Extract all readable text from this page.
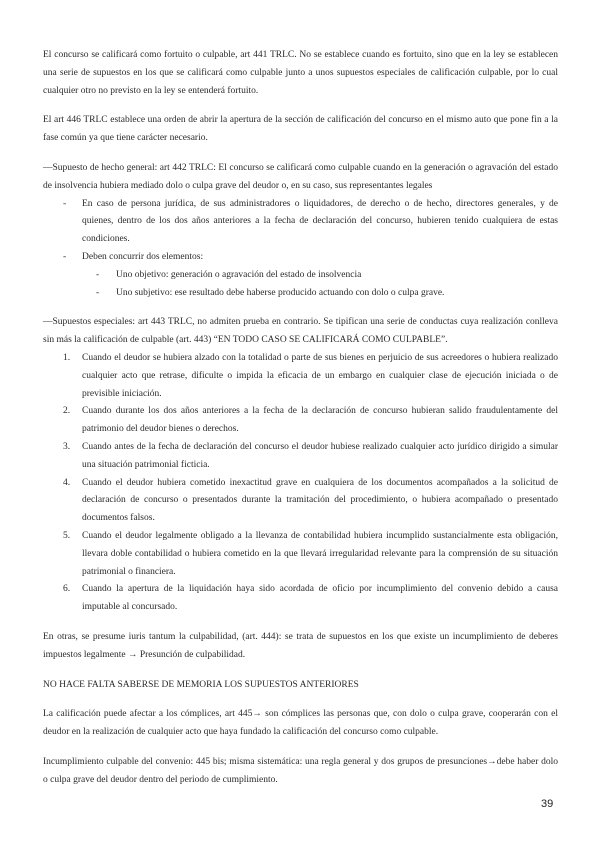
El concurso se calificará como fortuito o culpable, art 441 TRLC. No se establece cuando es fortuito, sino que en la ley se establecen una serie de supuestos en los que se calificará como culpable junto a unos supuestos especiales de calificación culpable, por lo cual cualquier otro no previsto en la ley se entenderá fortuito.

El art 446 TRLC establece una orden de abrir la apertura de la sección de calificación del concurso en el mismo auto que pone fin a la fase común ya que tiene carácter necesario.

—Supuesto de hecho general: art 442 TRLC: El concurso se calificará como culpable cuando en la generación o agravación del estado de insolvencia hubiera mediado dolo o culpa grave del deudor o, en su caso, sus representantes legales

- En caso de persona jurídica, de sus administradores o liquidadores, de derecho o de hecho, directores generales, y de quienes, dentro de los dos años anteriores a la fecha de declaración del concurso, hubieren tenido cualquiera de estas condiciones.
- Deben concurrir dos elementos:
- Uno objetivo: generación o agravación del estado de insolvencia
- Uno subjetivo: ese resultado debe haberse producido actuando con dolo o culpa grave.

—Supuestos especiales: art 443 TRLC, no admiten prueba en contrario. Se tipifican una serie de conductas cuya realización conlleva sin más la calificación de culpable (art. 443) “EN TODO CASO SE CALIFICARÁ COMO CULPABLE”.

1. Cuando el deudor se hubiera alzado con la totalidad o parte de sus bienes en perjuicio de sus acreedores o hubiera realizado cualquier acto que retrase, dificulte o impida la eficacia de un embargo en cualquier clase de ejecución iniciada o de previsible iniciación.
2. Cuando durante los dos años anteriores a la fecha de la declaración de concurso hubieran salido fraudulentamente del patrimonio del deudor bienes o derechos.
3. Cuando antes de la fecha de declaración del concurso el deudor hubiese realizado cualquier acto jurídico dirigido a simular una situación patrimonial ficticia.
4. Cuando el deudor hubiera cometido inexactitud grave en cualquiera de los documentos acompañados a la solicitud de declaración de concurso o presentados durante la tramitación del procedimiento, o hubiera acompañado o presentado documentos falsos.
5. Cuando el deudor legalmente obligado a la llevanza de contabilidad hubiera incumplido sustancialmente esta obligación, llevara doble contabilidad o hubiera cometido en la que llevará irregularidad relevante para la comprensión de su situación patrimonial o financiera.
6. Cuando la apertura de la liquidación haya sido acordada de oficio por incumplimiento del convenio debido a causa imputable al concursado.

En otras, se presume iuris tantum la culpabilidad, (art. 444): se trata de supuestos en los que existe un incumplimiento de deberes impuestos legalmente → Presunción de culpabilidad.

NO HACE FALTA SABERSE DE MEMORIA LOS SUPUESTOS ANTERIORES

La calificación puede afectar a los cómplices, art 445→ son cómplices las personas que, con dolo o culpa grave, cooperarán con el deudor en la realización de cualquier acto que haya fundado la calificación del concurso como culpable.

Incumplimiento culpable del convenio: 445 bis; misma sistemática: una regla general y dos grupos de presunciones→debe haber dolo o culpa grave del deudor dentro del periodo de cumplimiento.

39
